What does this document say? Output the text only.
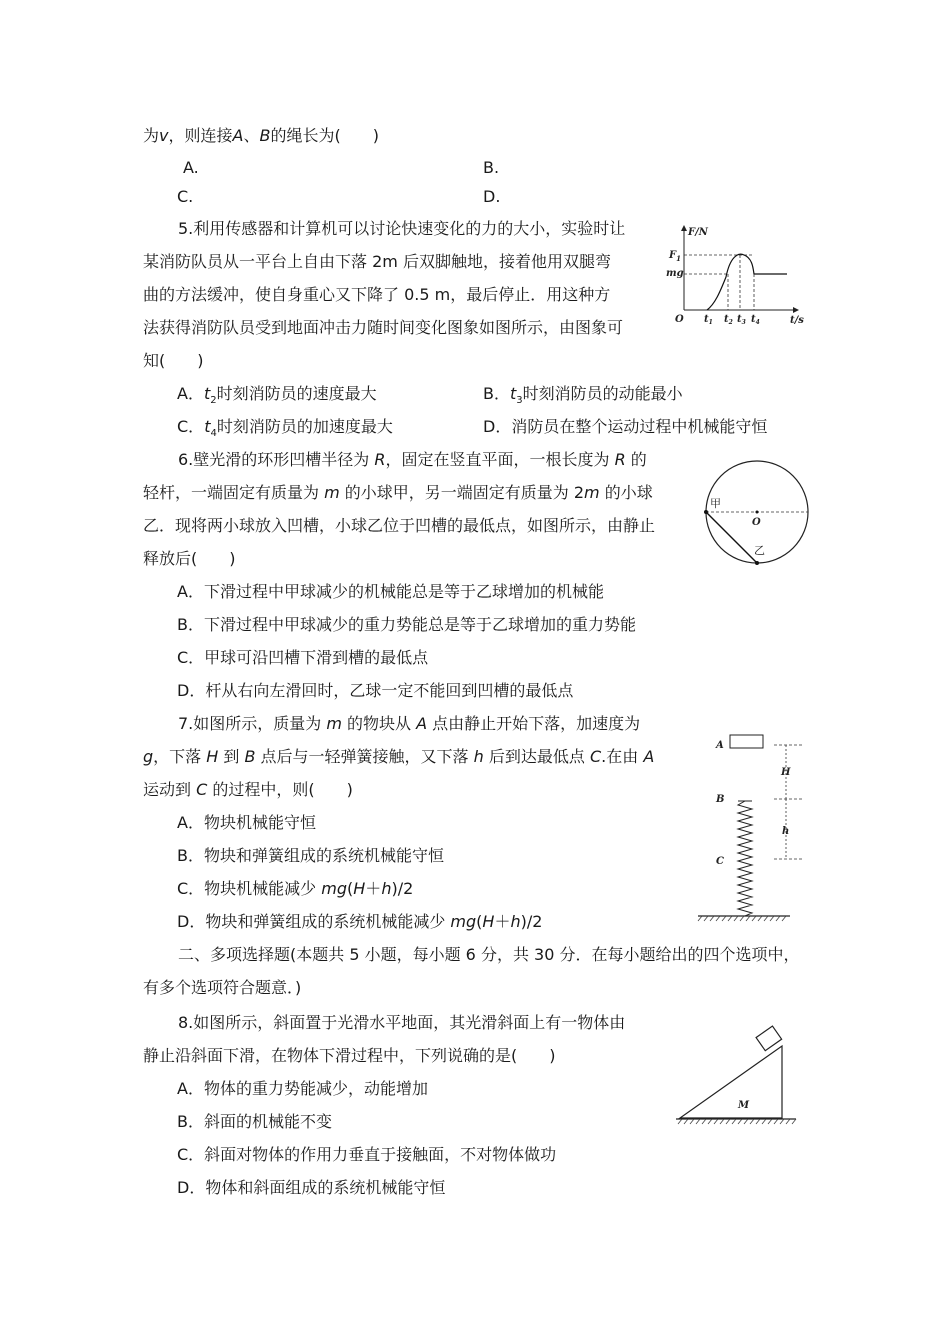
为v，则连接A、B的绳长为(　　)
A.	B.
C.	D.
5.利用传感器和计算机可以讨论快速变化的力的大小，实验时让
某消防队员从一平台上自由下落 2m 后双脚触地，接着他用双腿弯
曲的方法缓冲，使自身重心又下降了 0.5 m，最后停止．用这种方
法获得消防队员受到地面冲击力随时间变化图象如图所示，由图象可
知(　　)
A．$t_2$时刻消防员的速度最大	B．$t_3$时刻消防员的动能最小
C．$t_4$时刻消防员的加速度最大	D．消防员在整个运动过程中机械能守恒
F/N
t/s
O
$F_1$
mg
$t_1$ $t_2$ $t_3$ $t_4$
6.壁光滑的环形凹槽半径为 R，固定在竖直平面，一根长度为 R 的
轻杆，一端固定有质量为 m 的小球甲，另一端固定有质量为 2m 的小球
乙．现将两小球放入凹槽，小球乙位于凹槽的最低点，如图所示，由静止
释放后(　　)
A．下滑过程中甲球减少的机械能总是等于乙球增加的机械能
B．下滑过程中甲球减少的重力势能总是等于乙球增加的重力势能
C．甲球可沿凹槽下滑到槽的最低点
D．杆从右向左滑回时，乙球一定不能回到凹槽的最低点
甲
乙
O
7.如图所示，质量为 m 的物块从 A 点由静止开始下落，加速度为
g，下落 H 到 B 点后与一轻弹簧接触，又下落 h 后到达最低点 C.在由 A
运动到 C 的过程中，则(　　)
A．物块机械能守恒
B．物块和弹簧组成的系统机械能守恒
C．物块机械能减少 mg(H＋h)/2
D．物块和弹簧组成的系统机械能减少 mg(H＋h)/2
A
B
C
H
h
二、多项选择题(本题共 5 小题，每小题 6 分，共 30 分．在每小题给出的四个选项中，
有多个选项符合题意．)
8.如图所示，斜面置于光滑水平地面，其光滑斜面上有一物体由
静止沿斜面下滑，在物体下滑过程中，下列说确的是(　　)
A．物体的重力势能减少，动能增加
B．斜面的机械能不变
C．斜面对物体的作用力垂直于接触面，不对物体做功
D．物体和斜面组成的系统机械能守恒
M
